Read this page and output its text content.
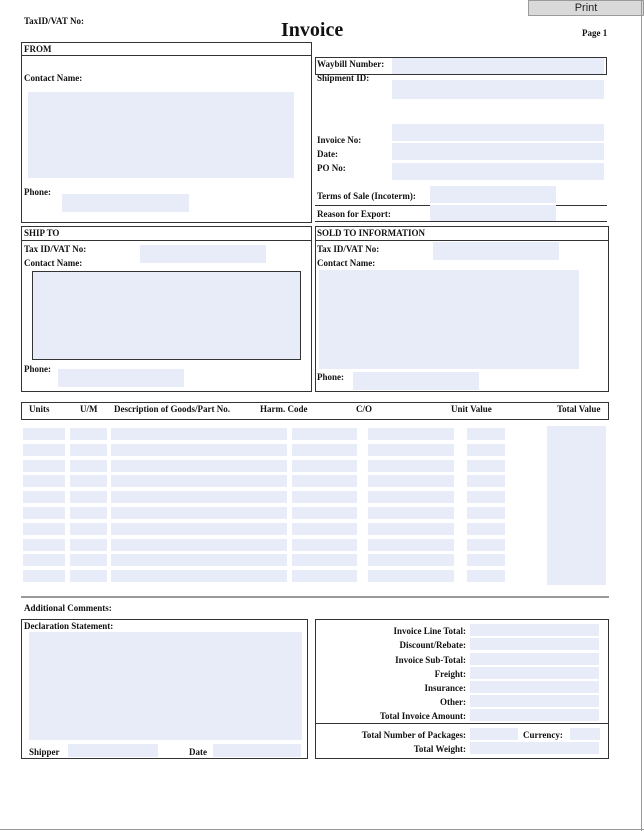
Print
TaxID/VAT No:	Invoice	Page 1
FROM
Contact Name:
Phone:
Waybill Number:
Shipment ID:
Invoice No:
Date:
PO No:
Terms of Sale (Incoterm):
Reason for Export:
SHIP TO
Tax ID/VAT No:
Contact Name:
Phone:
SOLD TO INFORMATION
Tax ID/VAT No:
Contact Name:
Phone:
Units	U/M Description of Goods/Part No.	Harm. Code	C/O	Unit Value	Total Value
Additional Comments:
Declaration Statement:
Shipper	Date
Invoice Line Total:
Discount/Rebate:
Invoice Sub-Total:
Freight:
Insurance:
Other:
Total Invoice Amount:
Total Number of Packages:	Currency:
Total Weight:
